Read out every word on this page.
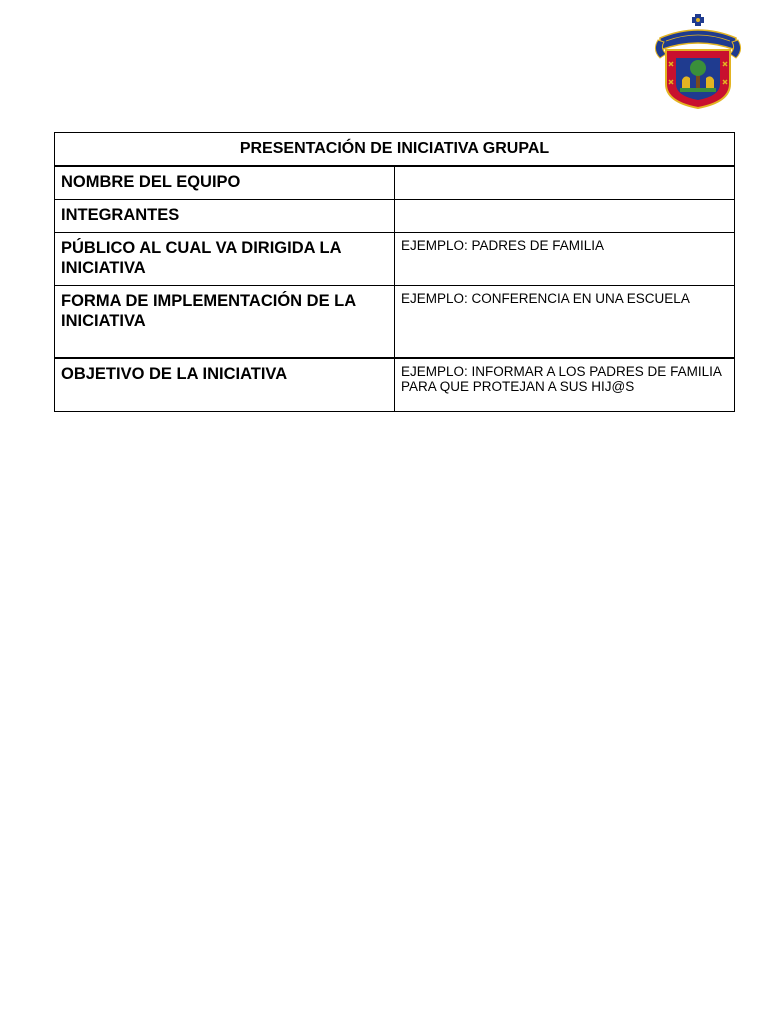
PRESENTACIÓN DE INICIATIVA GRUPAL	
NOMBRE DEL EQUIPO	
INTEGRANTES	
PÚBLICO AL CUAL VA DIRIGIDA LA INICIATIVA	EJEMPLO: PADRES DE FAMILIA
FORMA DE IMPLEMENTACIÓN DE LA INICIATIVA	EJEMPLO: CONFERENCIA EN UNA ESCUELA
OBJETIVO DE LA INICIATIVA	EJEMPLO: INFORMAR A LOS PADRES DE FAMILIA PARA QUE PROTEJAN A SUS HIJ@S
